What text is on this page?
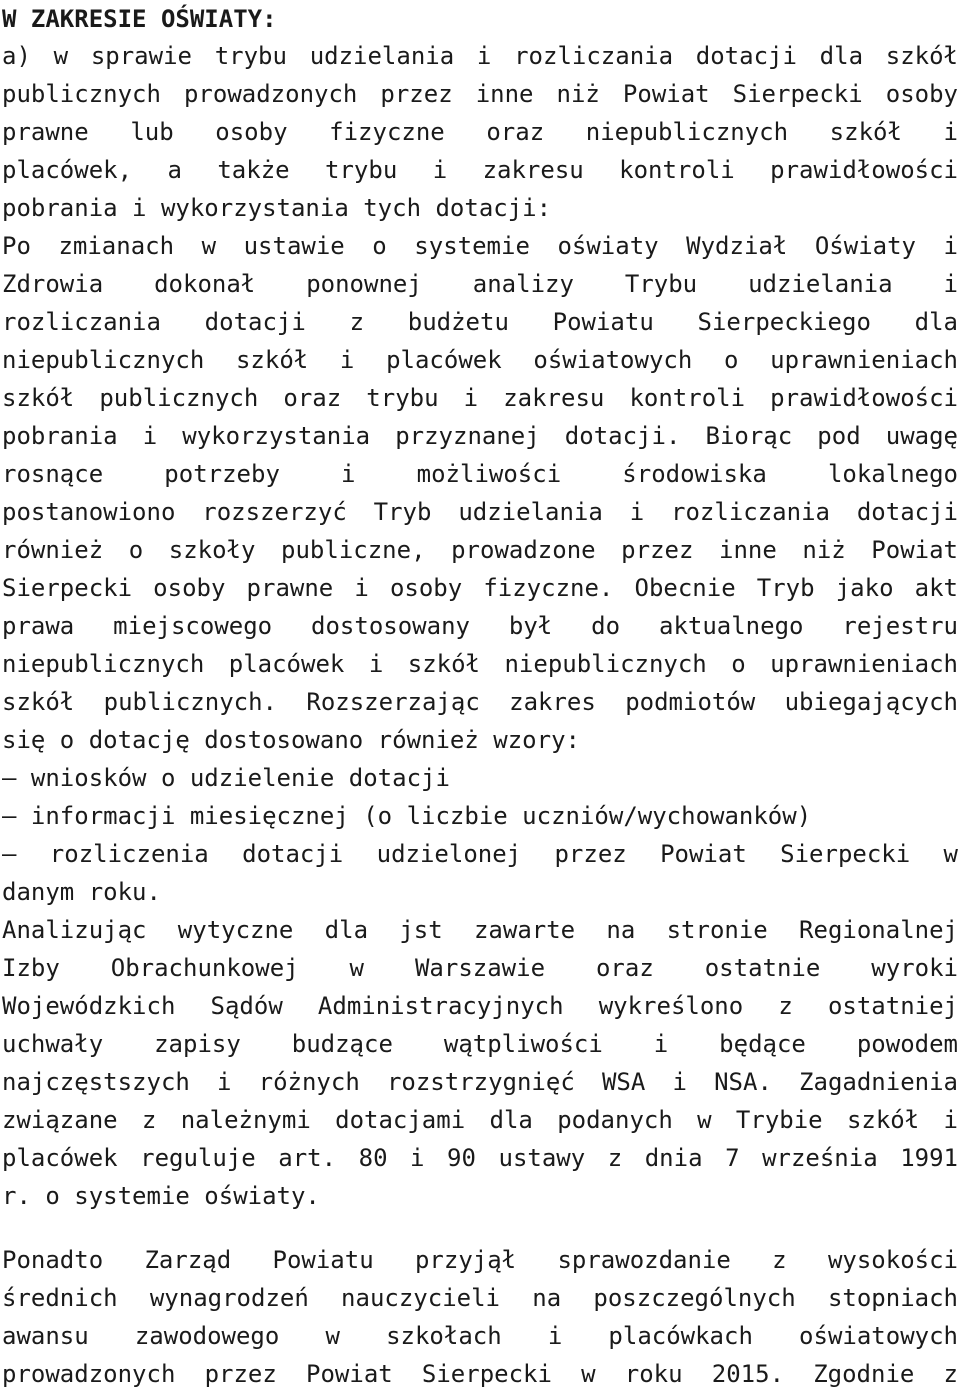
W ZAKRESIE OŚWIATY:
a) w sprawie trybu udzielania i rozliczania dotacji dla szkół
publicznych prowadzonych przez inne niż Powiat Sierpecki osoby
prawne lub osoby fizyczne oraz niepublicznych szkół i
placówek, a także trybu i zakresu kontroli prawidłowości
pobrania i wykorzystania tych dotacji:
Po zmianach w ustawie o systemie oświaty Wydział Oświaty i
Zdrowia dokonał ponownej analizy Trybu udzielania i
rozliczania dotacji z budżetu Powiatu Sierpeckiego dla
niepublicznych szkół i placówek oświatowych o uprawnieniach
szkół publicznych oraz trybu i zakresu kontroli prawidłowości
pobrania i wykorzystania przyznanej dotacji. Biorąc pod uwagę
rosnące potrzeby i możliwości środowiska lokalnego
postanowiono rozszerzyć Tryb udzielania i rozliczania dotacji
również o szkoły publiczne, prowadzone przez inne niż Powiat
Sierpecki osoby prawne i osoby fizyczne. Obecnie Tryb jako akt
prawa miejscowego dostosowany był do aktualnego rejestru
niepublicznych placówek i szkół niepublicznych o uprawnieniach
szkół publicznych. Rozszerzając zakres podmiotów ubiegających
się o dotację dostosowano również wzory:
– wniosków o udzielenie dotacji
– informacji miesięcznej (o liczbie uczniów/wychowanków)
– rozliczenia dotacji udzielonej przez Powiat Sierpecki w
danym roku.
Analizując wytyczne dla jst zawarte na stronie Regionalnej
Izby Obrachunkowej w Warszawie oraz ostatnie wyroki
Wojewódzkich Sądów Administracyjnych wykreślono z ostatniej
uchwały zapisy budzące wątpliwości i będące powodem
najczęstszych i różnych rozstrzygnięć WSA i NSA. Zagadnienia
związane z należnymi dotacjami dla podanych w Trybie szkół i
placówek reguluje art. 80 i 90 ustawy z dnia 7 września 1991
r. o systemie oświaty.
Ponadto Zarząd Powiatu przyjął sprawozdanie z wysokości
średnich wynagrodzeń nauczycieli na poszczególnych stopniach
awansu zawodowego w szkołach i placówkach oświatowych
prowadzonych przez Powiat Sierpecki w roku 2015. Zgodnie z
